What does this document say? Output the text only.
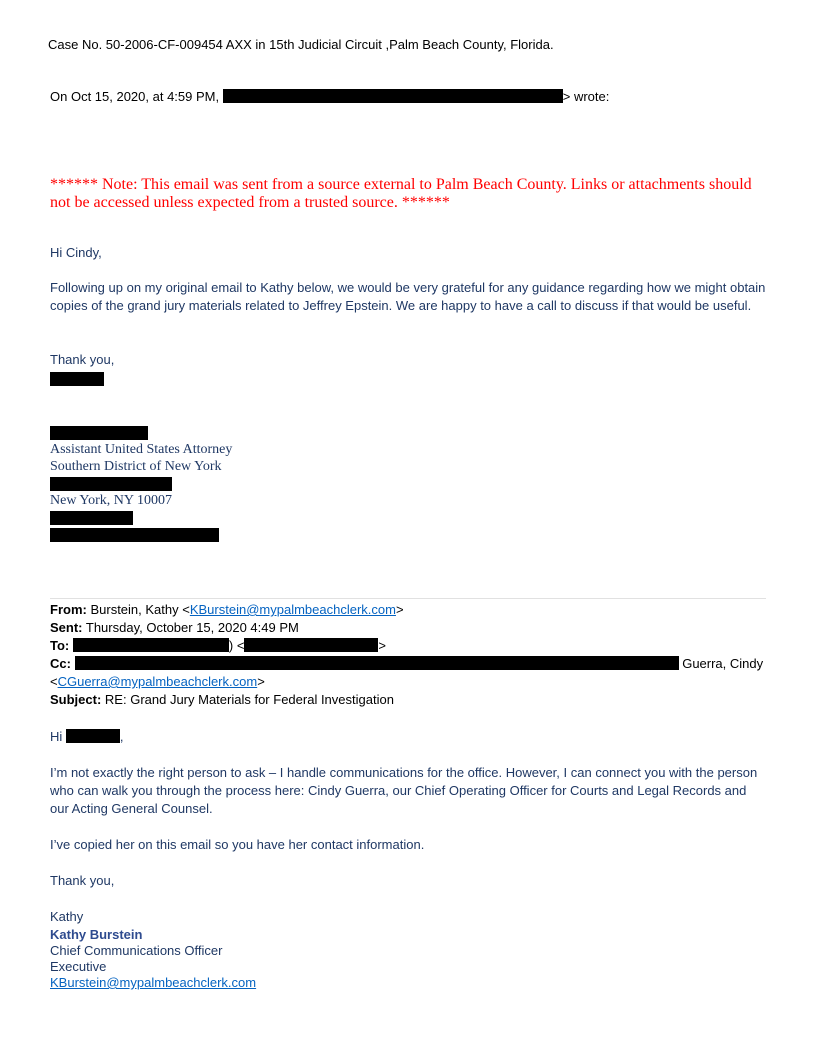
Case No. 50-2006-CF-009454 AXX in 15th Judicial Circuit ,Palm Beach County, Florida.
On Oct 15, 2020, at 4:59 PM,	> wrote:
****** Note: This email was sent from a source external to Palm Beach County. Links or attachments should not be accessed unless expected from a trusted source. ******
Hi Cindy,
Following up on my original email to Kathy below, we would be very grateful for any guidance regarding how we might obtain copies of the grand jury materials related to Jeffrey Epstein. We are happy to have a call to discuss if that would be useful.
Thank you,
Assistant United States Attorney
Southern District of New York
New York, NY 10007
From: Burstein, Kathy <KBurstein@mypalmbeachclerk.com>
Sent: Thursday, October 15, 2020 4:49 PM
To:	) <	>
Cc:	Guerra, Cindy
<CGuerra@mypalmbeachclerk.com>
Subject: RE: Grand Jury Materials for Federal Investigation
Hi	,
I’m not exactly the right person to ask – I handle communications for the office. However, I can connect you with the person who can walk you through the process here: Cindy Guerra, our Chief Operating Officer for Courts and Legal Records and our Acting General Counsel.
I’ve copied her on this email so you have her contact information.
Thank you,
Kathy
Kathy Burstein
Chief Communications Officer
Executive
KBurstein@mypalmbeachclerk.com
